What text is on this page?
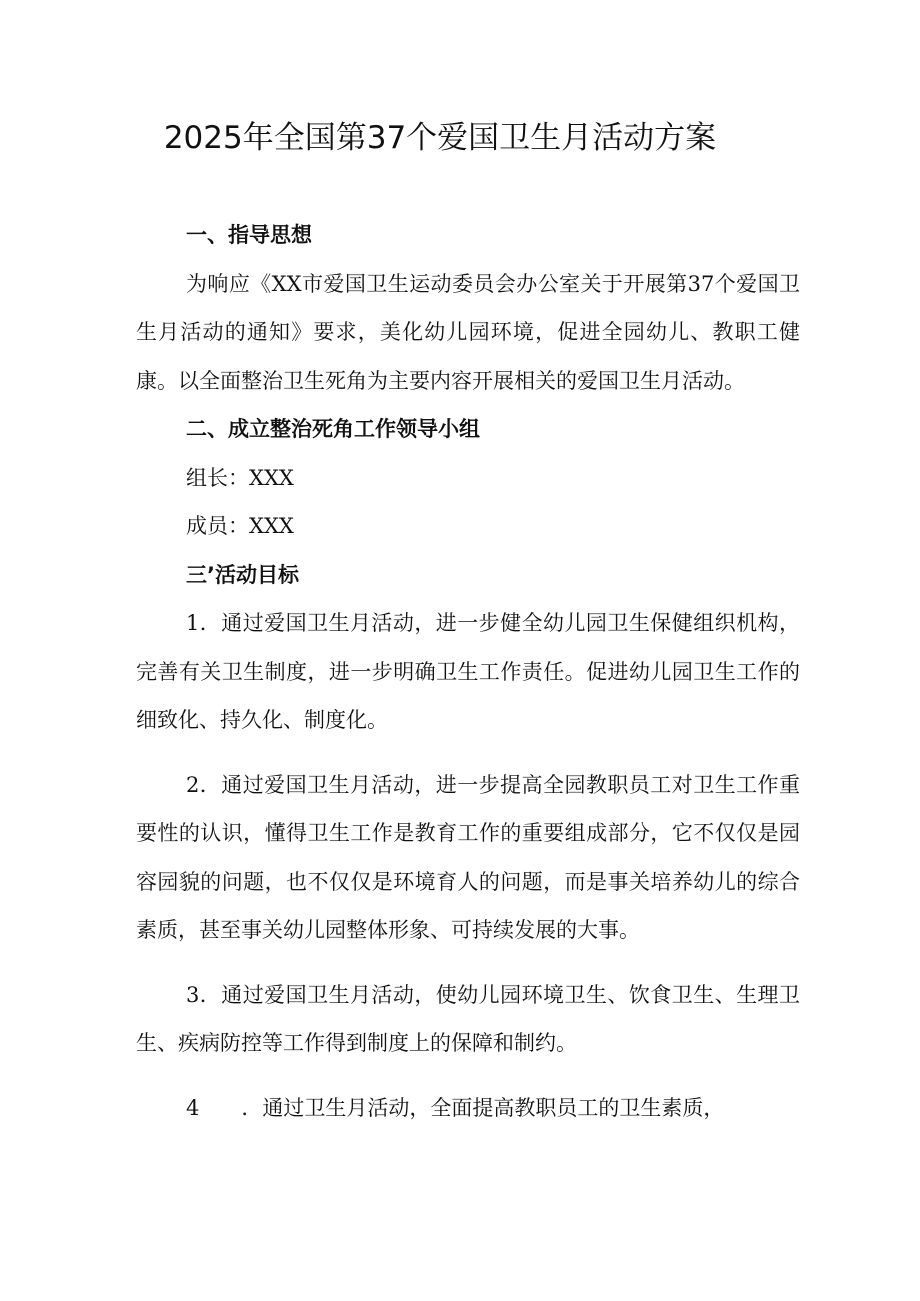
2025年全国第37个爱国卫生月活动方案

一、指导思想

为响应《XX市爱国卫生运动委员会办公室关于开展第37个爱国卫生月活动的通知》要求，美化幼儿园环境，促进全园幼儿、教职工健康。以全面整治卫生死角为主要内容开展相关的爱国卫生月活动。

二、成立整治死角工作领导小组

组长：XXX

成员：XXX

三’活动目标

1．通过爱国卫生月活动，进一步健全幼儿园卫生保健组织机构，完善有关卫生制度，进一步明确卫生工作责任。促进幼儿园卫生工作的细致化、持久化、制度化。

2．通过爱国卫生月活动，进一步提高全园教职员工对卫生工作重要性的认识，懂得卫生工作是教育工作的重要组成部分，它不仅仅是园容园貌的问题，也不仅仅是环境育人的问题，而是事关培养幼儿的综合素质，甚至事关幼儿园整体形象、可持续发展的大事。

3．通过爱国卫生月活动，使幼儿园环境卫生、饮食卫生、生理卫生、疾病防控等工作得到制度上的保障和制约。

4　　．通过卫生月活动，全面提高教职员工的卫生素质，
